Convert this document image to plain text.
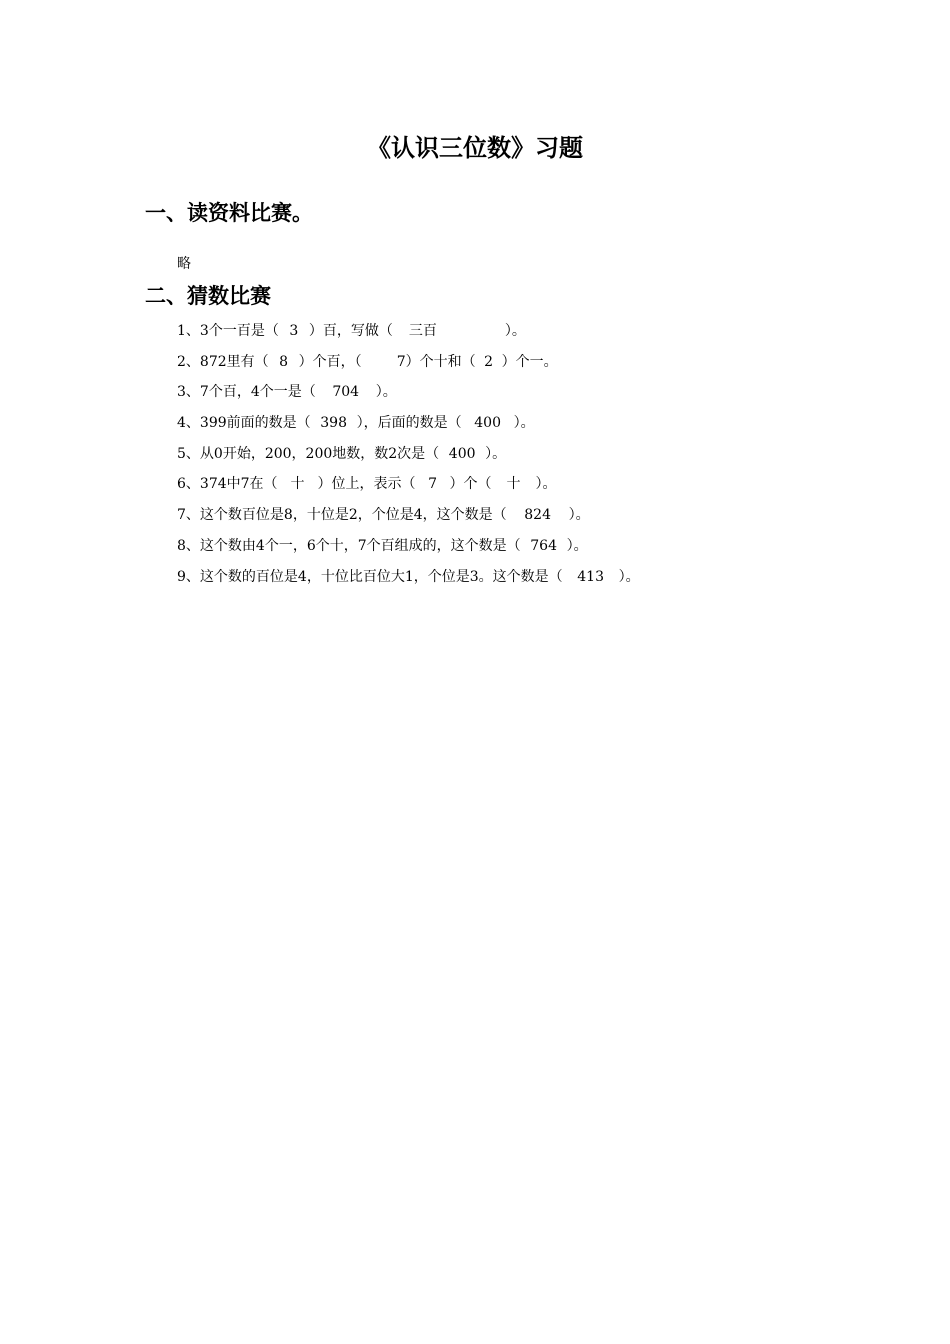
《认识三位数》习题
一、读资料比赛。
略
二、猜数比赛
1、3个一百是（ 3 ）百，写做（ 三百	）。
2、872里有（ 8 ）个百，（	7）个十和（ 2 ）个一。
3、7个百，4个一是（ 704 ）。
4、399前面的数是（ 398 ），后面的数是（ 400 ）。
5、从0开始，200，200地数，数2次是（ 400 ）。
6、374中7在（ 十 ）位上，表示（ 7 ）个（ 十 ）。
7、这个数百位是8，十位是2，个位是4，这个数是（ 824 ）。
8、这个数由4个一，6个十，7个百组成的，这个数是（ 764 ）。
9、这个数的百位是4，十位比百位大1，个位是3。这个数是（ 413 ）。
